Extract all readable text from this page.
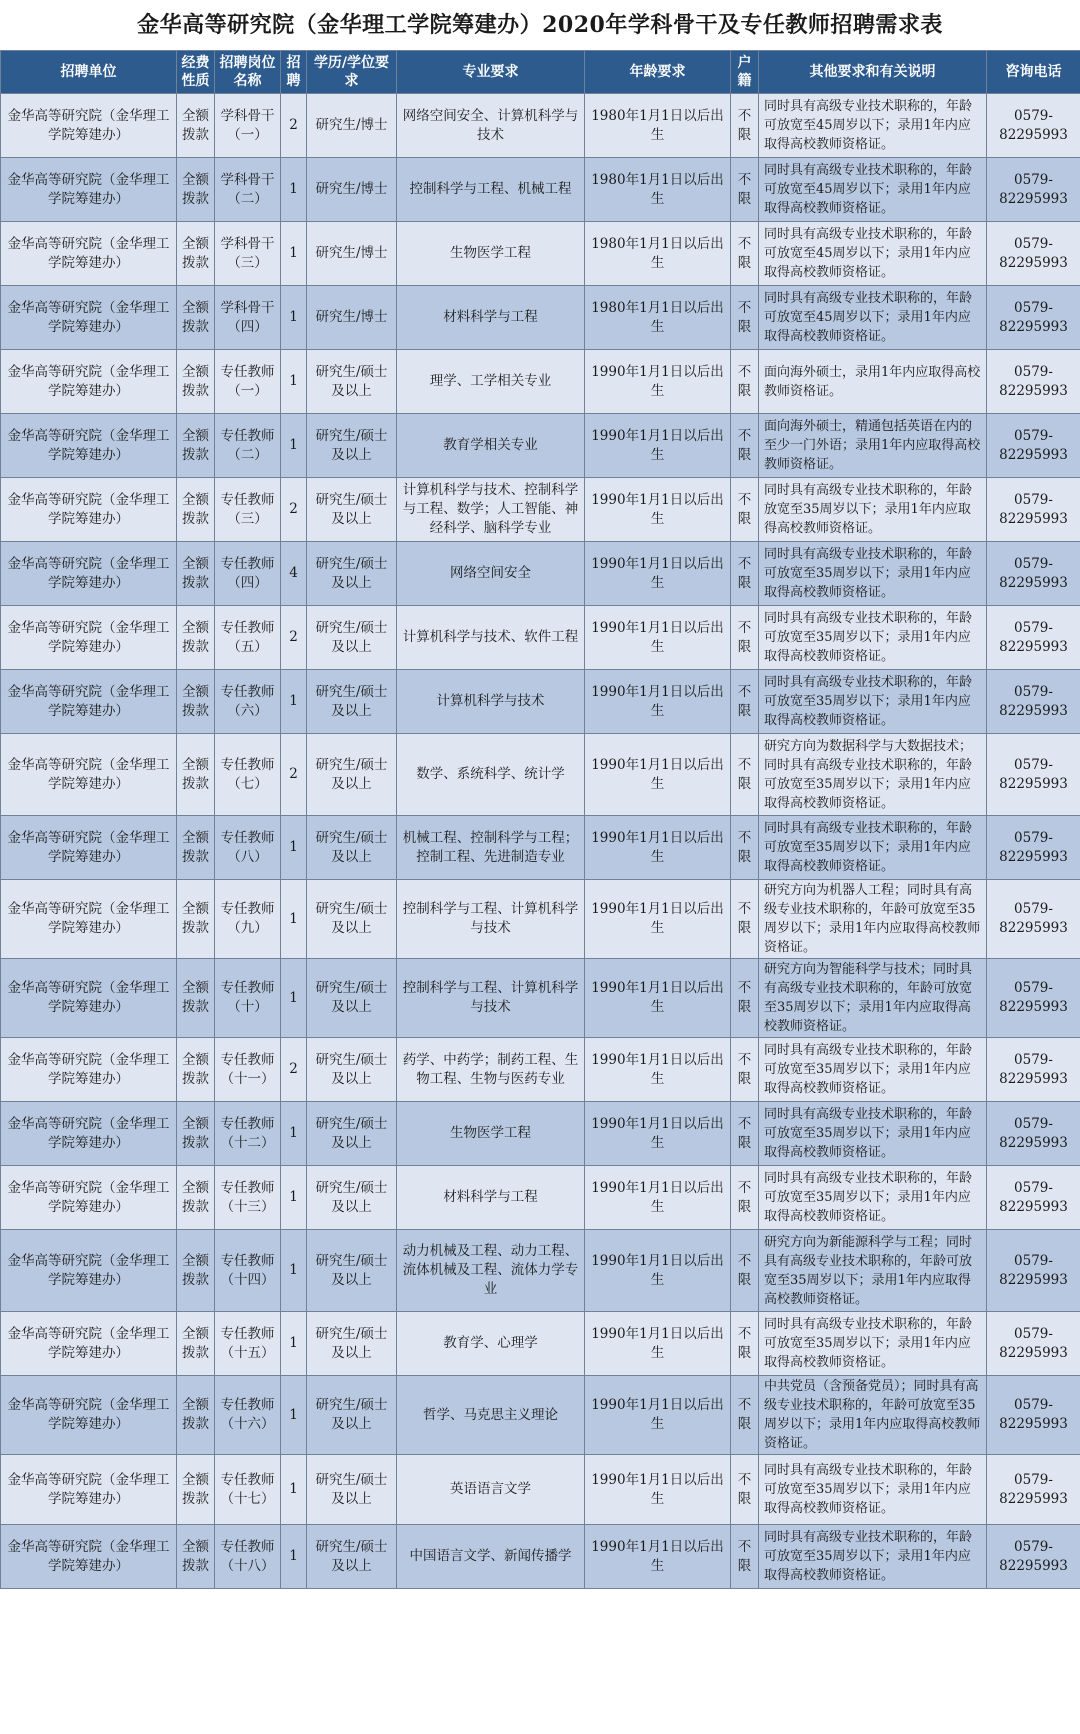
金华高等研究院（金华理工学院筹建办）2020年学科骨干及专任教师招聘需求表
招聘单位	经费性质	招聘岗位名称	招聘	学历/学位要求	专业要求	年龄要求	户籍	其他要求和有关说明	咨询电话
金华高等研究院（金华理工学院筹建办）	全额拨款	学科骨干（一）	2	研究生/博士	网络空间安全、计算机科学与技术	1980年1月1日以后出生	不限	同时具有高级专业技术职称的，年龄可放宽至45周岁以下；录用1年内应取得高校教师资格证。	0579-82295993
金华高等研究院（金华理工学院筹建办）	全额拨款	学科骨干（二）	1	研究生/博士	控制科学与工程、机械工程	1980年1月1日以后出生	不限	同时具有高级专业技术职称的，年龄可放宽至45周岁以下；录用1年内应取得高校教师资格证。	0579-82295993
金华高等研究院（金华理工学院筹建办）	全额拨款	学科骨干（三）	1	研究生/博士	生物医学工程	1980年1月1日以后出生	不限	同时具有高级专业技术职称的，年龄可放宽至45周岁以下；录用1年内应取得高校教师资格证。	0579-82295993
金华高等研究院（金华理工学院筹建办）	全额拨款	学科骨干（四）	1	研究生/博士	材料科学与工程	1980年1月1日以后出生	不限	同时具有高级专业技术职称的，年龄可放宽至45周岁以下；录用1年内应取得高校教师资格证。	0579-82295993
金华高等研究院（金华理工学院筹建办）	全额拨款	专任教师（一）	1	研究生/硕士及以上	理学、工学相关专业	1990年1月1日以后出生	不限	面向海外硕士，录用1年内应取得高校教师资格证。	0579-82295993
金华高等研究院（金华理工学院筹建办）	全额拨款	专任教师（二）	1	研究生/硕士及以上	教育学相关专业	1990年1月1日以后出生	不限	面向海外硕士，精通包括英语在内的至少一门外语；录用1年内应取得高校教师资格证。	0579-82295993
金华高等研究院（金华理工学院筹建办）	全额拨款	专任教师（三）	2	研究生/硕士及以上	计算机科学与技术、控制科学与工程、数学；人工智能、神经科学、脑科学专业	1990年1月1日以后出生	不限	同时具有高级专业技术职称的，年龄放宽至35周岁以下；录用1年内应取得高校教师资格证。	0579-82295993
金华高等研究院（金华理工学院筹建办）	全额拨款	专任教师（四）	4	研究生/硕士及以上	网络空间安全	1990年1月1日以后出生	不限	同时具有高级专业技术职称的，年龄可放宽至35周岁以下；录用1年内应取得高校教师资格证。	0579-82295993
金华高等研究院（金华理工学院筹建办）	全额拨款	专任教师（五）	2	研究生/硕士及以上	计算机科学与技术、软件工程	1990年1月1日以后出生	不限	同时具有高级专业技术职称的，年龄可放宽至35周岁以下；录用1年内应取得高校教师资格证。	0579-82295993
金华高等研究院（金华理工学院筹建办）	全额拨款	专任教师（六）	1	研究生/硕士及以上	计算机科学与技术	1990年1月1日以后出生	不限	同时具有高级专业技术职称的，年龄可放宽至35周岁以下；录用1年内应取得高校教师资格证。	0579-82295993
金华高等研究院（金华理工学院筹建办）	全额拨款	专任教师（七）	2	研究生/硕士及以上	数学、系统科学、统计学	1990年1月1日以后出生	不限	研究方向为数据科学与大数据技术；同时具有高级专业技术职称的，年龄可放宽至35周岁以下；录用1年内应取得高校教师资格证。	0579-82295993
金华高等研究院（金华理工学院筹建办）	全额拨款	专任教师（八）	1	研究生/硕士及以上	机械工程、控制科学与工程；控制工程、先进制造专业	1990年1月1日以后出生	不限	同时具有高级专业技术职称的，年龄可放宽至35周岁以下；录用1年内应取得高校教师资格证。	0579-82295993
金华高等研究院（金华理工学院筹建办）	全额拨款	专任教师（九）	1	研究生/硕士及以上	控制科学与工程、计算机科学与技术	1990年1月1日以后出生	不限	研究方向为机器人工程；同时具有高级专业技术职称的，年龄可放宽至35周岁以下；录用1年内应取得高校教师资格证。	0579-82295993
金华高等研究院（金华理工学院筹建办）	全额拨款	专任教师（十）	1	研究生/硕士及以上	控制科学与工程、计算机科学与技术	1990年1月1日以后出生	不限	研究方向为智能科学与技术；同时具有高级专业技术职称的，年龄可放宽至35周岁以下；录用1年内应取得高校教师资格证。	0579-82295993
金华高等研究院（金华理工学院筹建办）	全额拨款	专任教师（十一）	2	研究生/硕士及以上	药学、中药学；制药工程、生物工程、生物与医药专业	1990年1月1日以后出生	不限	同时具有高级专业技术职称的，年龄可放宽至35周岁以下；录用1年内应取得高校教师资格证。	0579-82295993
金华高等研究院（金华理工学院筹建办）	全额拨款	专任教师（十二）	1	研究生/硕士及以上	生物医学工程	1990年1月1日以后出生	不限	同时具有高级专业技术职称的，年龄可放宽至35周岁以下；录用1年内应取得高校教师资格证。	0579-82295993
金华高等研究院（金华理工学院筹建办）	全额拨款	专任教师（十三）	1	研究生/硕士及以上	材料科学与工程	1990年1月1日以后出生	不限	同时具有高级专业技术职称的，年龄可放宽至35周岁以下；录用1年内应取得高校教师资格证。	0579-82295993
金华高等研究院（金华理工学院筹建办）	全额拨款	专任教师（十四）	1	研究生/硕士及以上	动力机械及工程、动力工程、流体机械及工程、流体力学专业	1990年1月1日以后出生	不限	研究方向为新能源科学与工程；同时具有高级专业技术职称的，年龄可放宽至35周岁以下；录用1年内应取得高校教师资格证。	0579-82295993
金华高等研究院（金华理工学院筹建办）	全额拨款	专任教师（十五）	1	研究生/硕士及以上	教育学、心理学	1990年1月1日以后出生	不限	同时具有高级专业技术职称的，年龄可放宽至35周岁以下；录用1年内应取得高校教师资格证。	0579-82295993
金华高等研究院（金华理工学院筹建办）	全额拨款	专任教师（十六）	1	研究生/硕士及以上	哲学、马克思主义理论	1990年1月1日以后出生	不限	中共党员（含预备党员）；同时具有高级专业技术职称的，年龄可放宽至35周岁以下；录用1年内应取得高校教师资格证。	0579-82295993
金华高等研究院（金华理工学院筹建办）	全额拨款	专任教师（十七）	1	研究生/硕士及以上	英语语言文学	1990年1月1日以后出生	不限	同时具有高级专业技术职称的，年龄可放宽至35周岁以下；录用1年内应取得高校教师资格证。	0579-82295993
金华高等研究院（金华理工学院筹建办）	全额拨款	专任教师（十八）	1	研究生/硕士及以上	中国语言文学、新闻传播学	1990年1月1日以后出生	不限	同时具有高级专业技术职称的，年龄可放宽至35周岁以下；录用1年内应取得高校教师资格证。	0579-82295993
